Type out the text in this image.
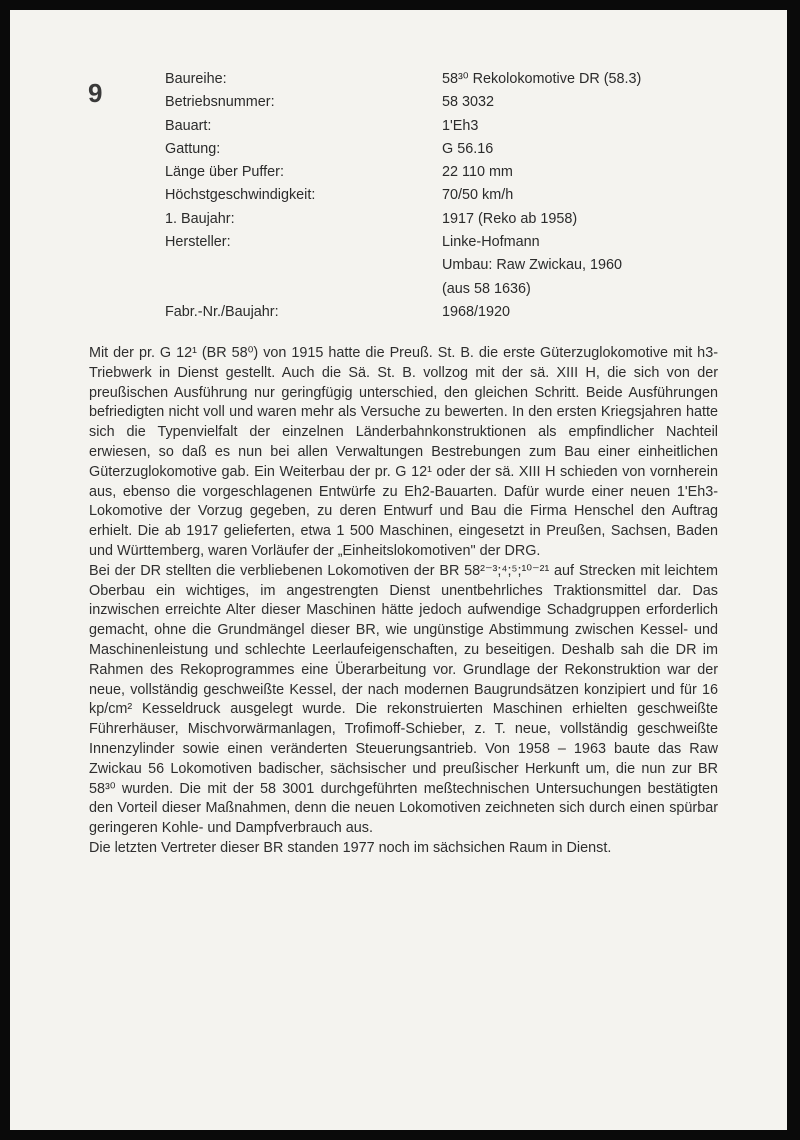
9	Baureihe:	58³⁰ Rekolokomotive DR (58.3)
Betriebsnummer:	58 3032
Bauart:	1'Eh3
Gattung:	G 56.16
Länge über Puffer:	22 110 mm
Höchstgeschwindigkeit:	70/50 km/h
1. Baujahr:	1917 (Reko ab 1958)
Hersteller:	Linke-Hofmann
Umbau: Raw Zwickau, 1960
(aus 58 1636)
Fabr.-Nr./Baujahr:	1968/1920

Mit der pr. G 12¹ (BR 58⁰) von 1915 hatte die Preuß. St. B. die erste Güterzuglokomotive mit h3-Triebwerk in Dienst gestellt. Auch die Sä. St. B. vollzog mit der sä. XIII H, die sich von der preußischen Ausführung nur geringfügig unterschied, den gleichen Schritt. Beide Ausführungen befriedigten nicht voll und waren mehr als Versuche zu bewerten. In den ersten Kriegsjahren hatte sich die Typenvielfalt der einzelnen Länderbahnkonstruktionen als empfindlicher Nachteil erwiesen, so daß es nun bei allen Verwaltungen Bestrebungen zum Bau einer einheitlichen Güterzuglokomotive gab. Ein Weiterbau der pr. G 12¹ oder der sä. XIII H schieden von vornherein aus, ebenso die vorgeschlagenen Entwürfe zu Eh2-Bauarten. Dafür wurde einer neuen 1'Eh3-Lokomotive der Vorzug gegeben, zu deren Entwurf und Bau die Firma Henschel den Auftrag erhielt. Die ab 1917 gelieferten, etwa 1 500 Maschinen, eingesetzt in Preußen, Sachsen, Baden und Württemberg, waren Vorläufer der „Einheitslokomotiven" der DRG.

Bei der DR stellten die verbliebenen Lokomotiven der BR 58²⁻³;⁴;⁵;¹⁰⁻²¹ auf Strecken mit leichtem Oberbau ein wichtiges, im angestrengten Dienst unentbehrliches Traktionsmittel dar. Das inzwischen erreichte Alter dieser Maschinen hätte jedoch aufwendige Schadgruppen erforderlich gemacht, ohne die Grundmängel dieser BR, wie ungünstige Abstimmung zwischen Kessel- und Maschinenleistung und schlechte Leerlaufeigenschaften, zu beseitigen. Deshalb sah die DR im Rahmen des Rekoprogrammes eine Überarbeitung vor. Grundlage der Rekonstruktion war der neue, vollständig geschweißte Kessel, der nach modernen Baugrundsätzen konzipiert und für 16 kp/cm² Kesseldruck ausgelegt wurde. Die rekonstruierten Maschinen erhielten geschweißte Führerhäuser, Mischvorwärmanlagen, Trofimoff-Schieber, z. T. neue, vollständig geschweißte Innenzylinder sowie einen veränderten Steuerungsantrieb. Von 1958 – 1963 baute das Raw Zwickau 56 Lokomotiven badischer, sächsischer und preußischer Herkunft um, die nun zur BR 58³⁰ wurden. Die mit der 58 3001 durchgeführten meßtechnischen Untersuchungen bestätigten den Vorteil dieser Maßnahmen, denn die neuen Lokomotiven zeichneten sich durch einen spürbar geringeren Kohle- und Dampfverbrauch aus.

Die letzten Vertreter dieser BR standen 1977 noch im sächsichen Raum in Dienst.
